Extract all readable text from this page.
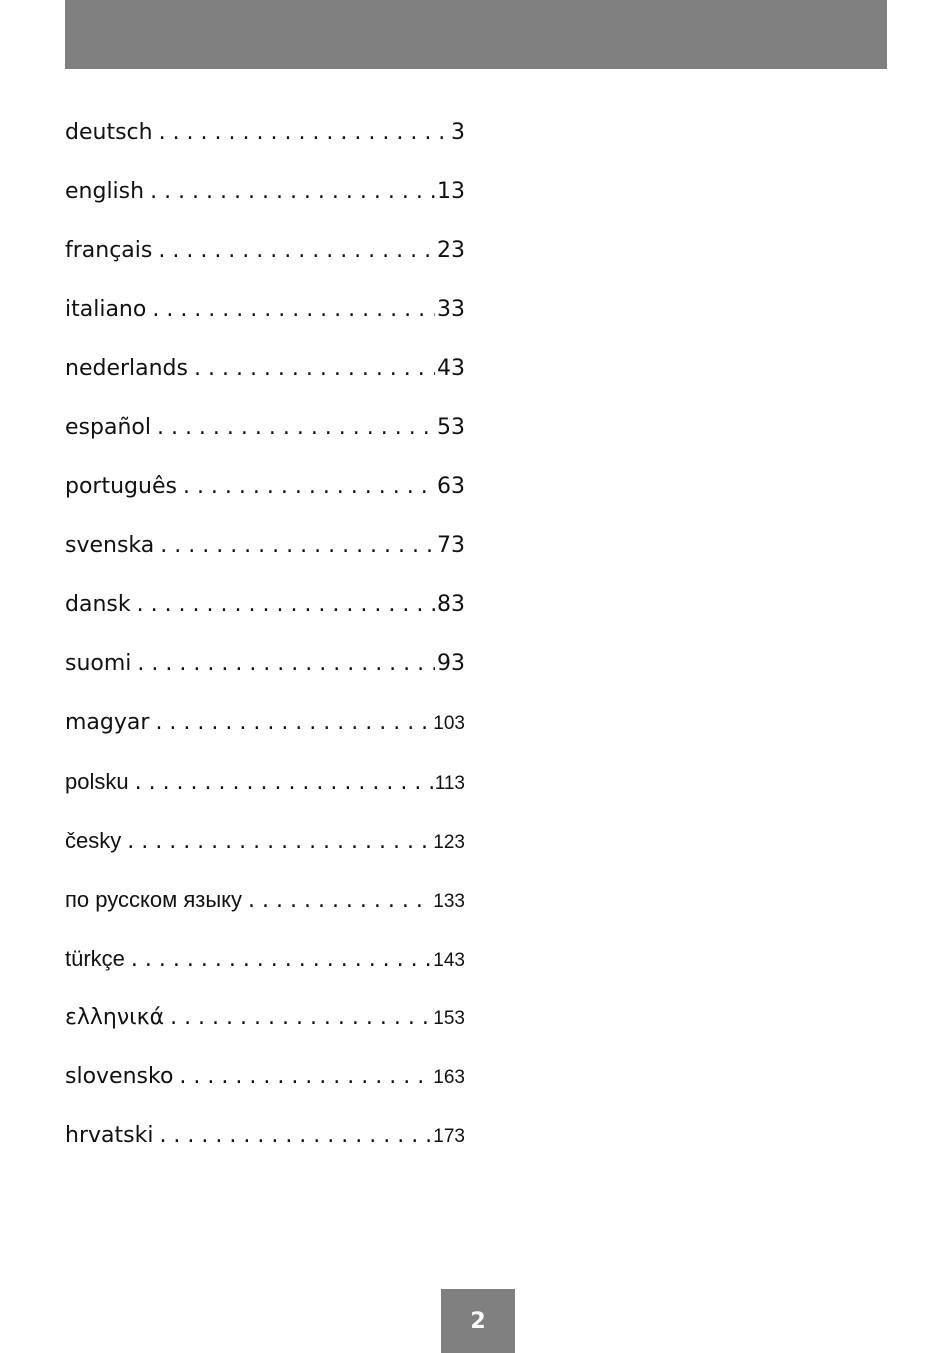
deutsch . . .	3
english . . .	13
français . . .	23
italiano . . .	33
nederlands . . .	43
español . . .	53
português . . .	63
svenska . . .	73
dansk . . .	83
suomi . . .	93
magyar . . .	103
polsku . . .	113
česky . . .	123
по русском языку . . .	133
türkçe . . .	143
ελληνικά . . .	153
slovensko . . .	163
hrvatski . . .	173
2
